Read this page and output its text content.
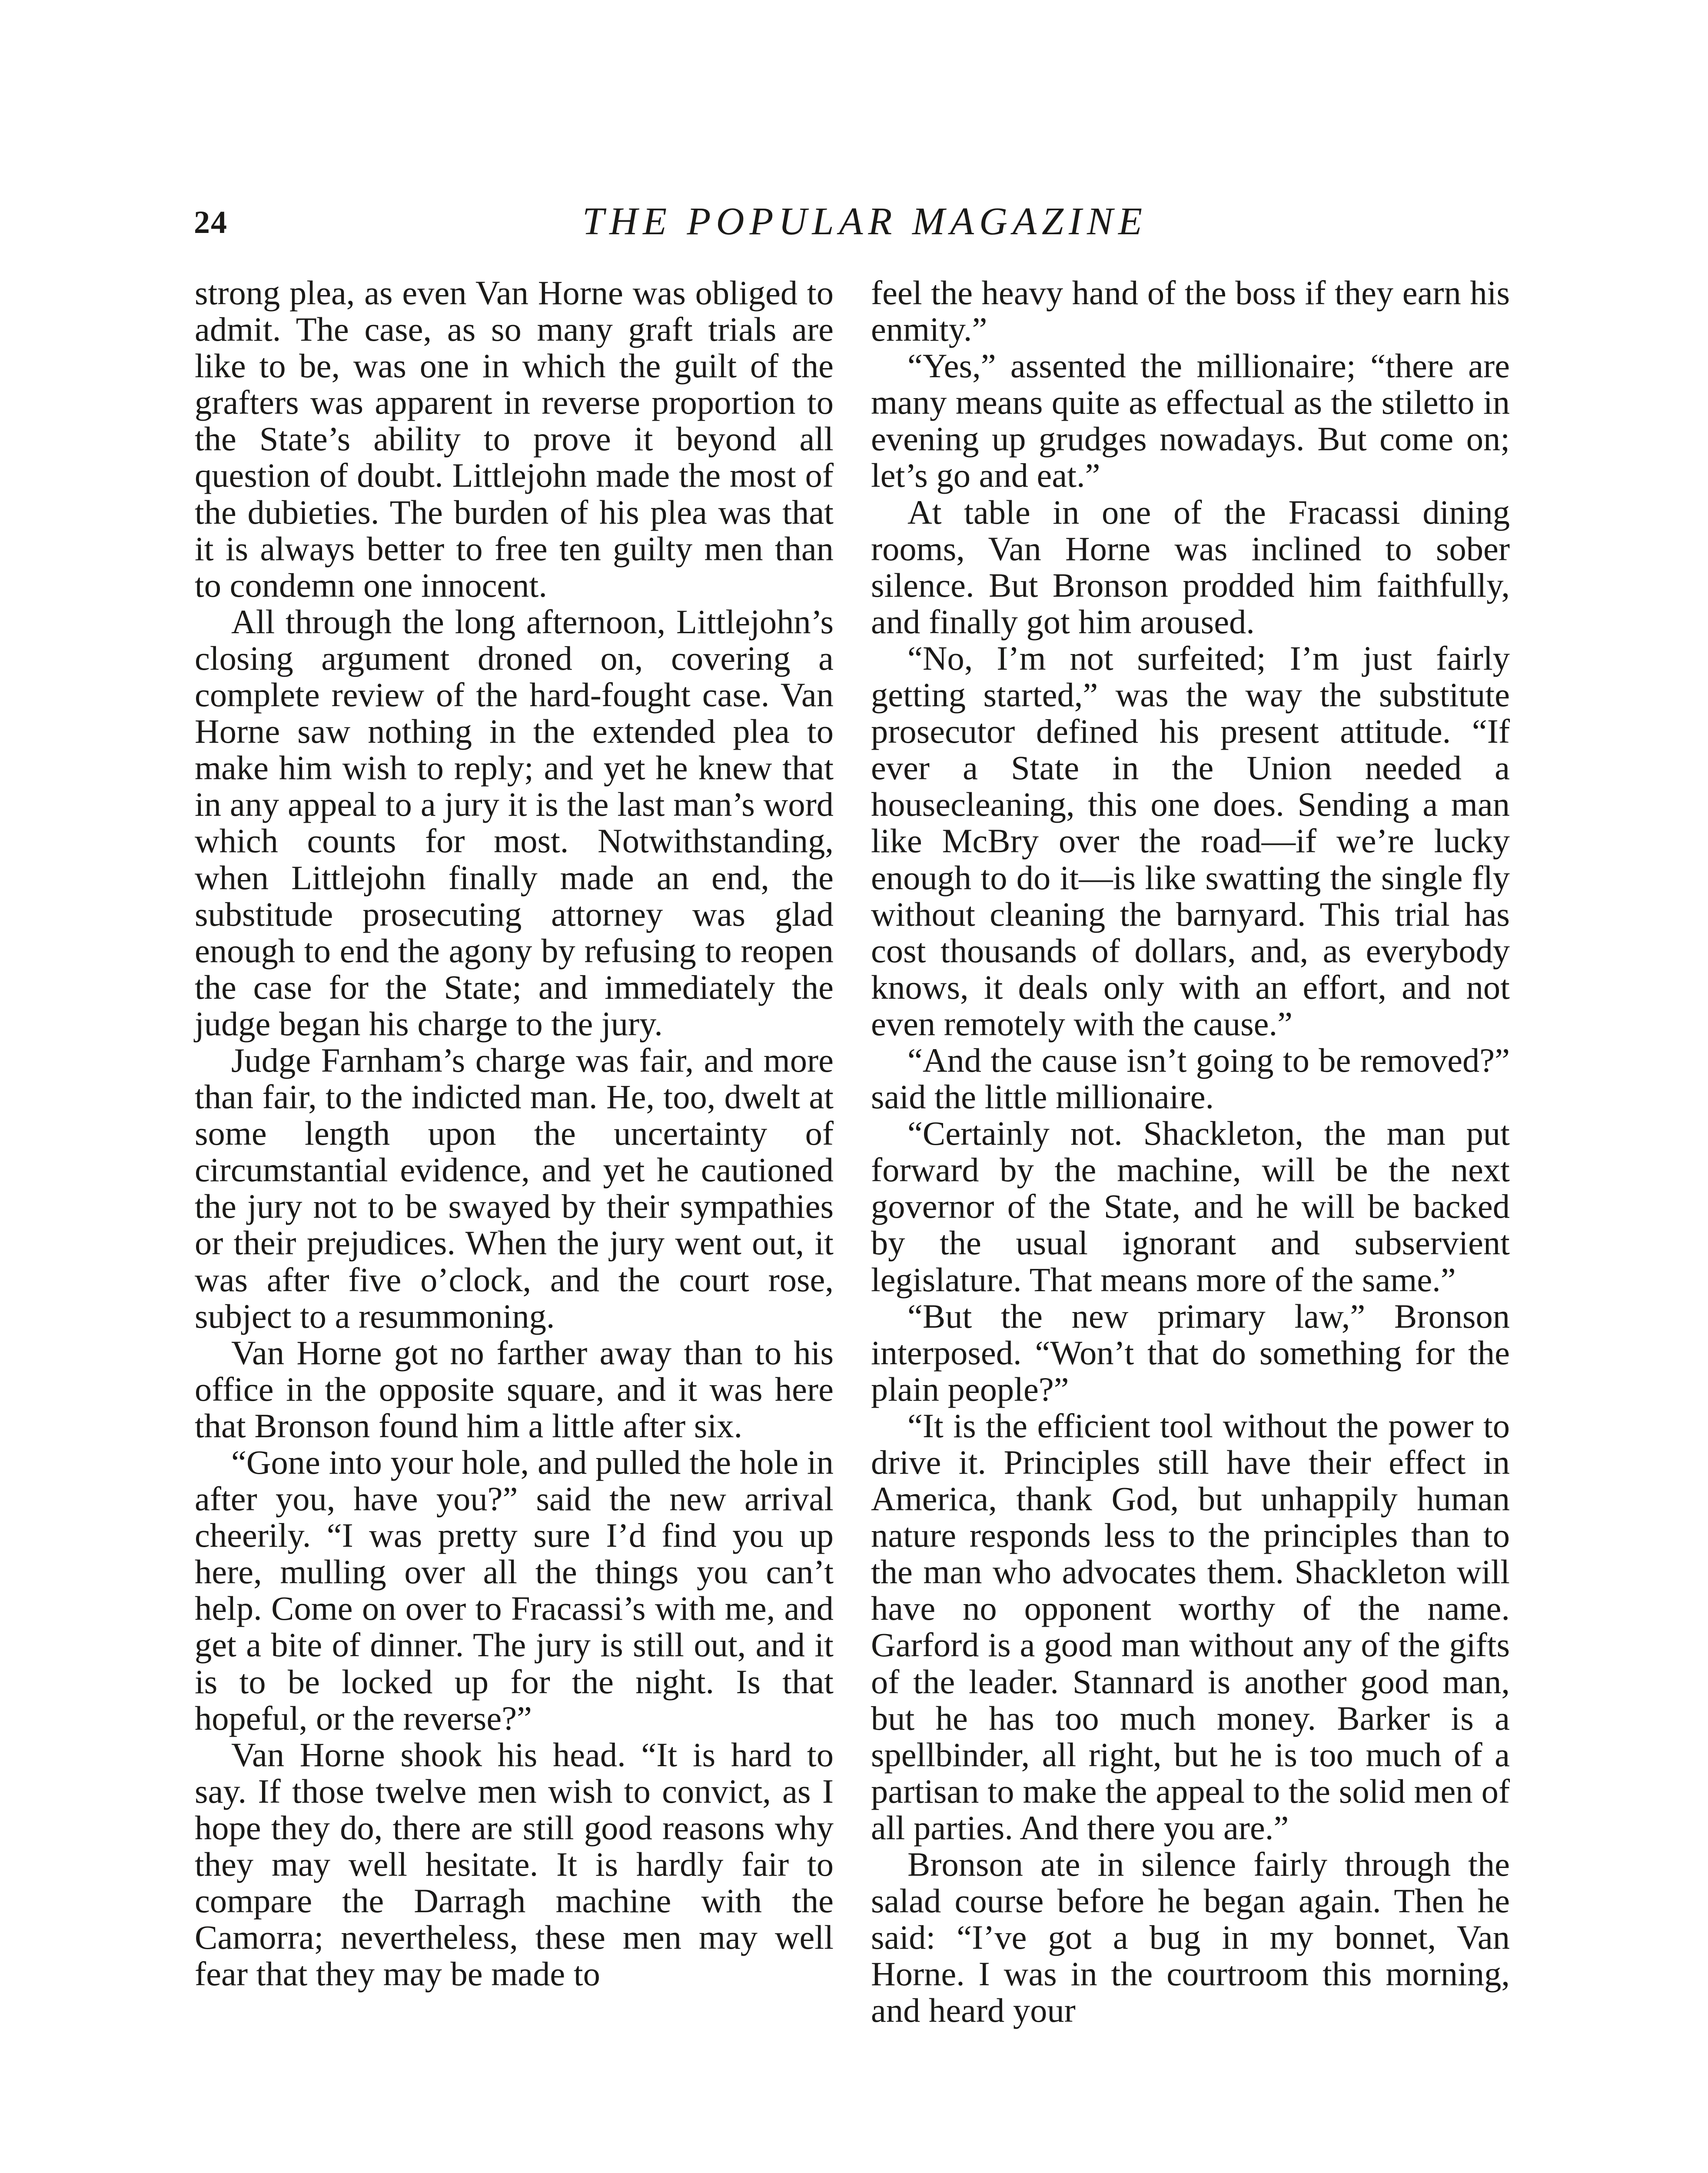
24	THE POPULAR MAGAZINE

strong plea, as even Van Horne was obliged to admit. The case, as so many graft trials are like to be, was one in which the guilt of the grafters was apparent in reverse proportion to the State’s ability to prove it beyond all question of doubt. Littlejohn made the most of the dubieties. The burden of his plea was that it is always better to free ten guilty men than to condemn one innocent.

All through the long afternoon, Littlejohn’s closing argument droned on, covering a complete review of the hard-fought case. Van Horne saw nothing in the extended plea to make him wish to reply; and yet he knew that in any appeal to a jury it is the last man’s word which counts for most. Notwithstanding, when Littlejohn finally made an end, the substitude prosecuting attorney was glad enough to end the agony by refusing to reopen the case for the State; and immediately the judge began his charge to the jury.

Judge Farnham’s charge was fair, and more than fair, to the indicted man. He, too, dwelt at some length upon the uncertainty of circumstantial evidence, and yet he cautioned the jury not to be swayed by their sympathies or their prejudices. When the jury went out, it was after five o’clock, and the court rose, subject to a resummoning.

Van Horne got no farther away than to his office in the opposite square, and it was here that Bronson found him a little after six.

“Gone into your hole, and pulled the hole in after you, have you?” said the new arrival cheerily. “I was pretty sure I’d find you up here, mulling over all the things you can’t help. Come on over to Fracassi’s with me, and get a bite of dinner. The jury is still out, and it is to be locked up for the night. Is that hopeful, or the reverse?”

Van Horne shook his head. “It is hard to say. If those twelve men wish to convict, as I hope they do, there are still good reasons why they may well hesitate. It is hardly fair to compare the Darragh machine with the Camorra; nevertheless, these men may well fear that they may be made to

feel the heavy hand of the boss if they earn his enmity.”

“Yes,” assented the millionaire; “there are many means quite as effectual as the stiletto in evening up grudges nowadays. But come on; let’s go and eat.”

At table in one of the Fracassi dining rooms, Van Horne was inclined to sober silence. But Bronson prodded him faithfully, and finally got him aroused.

“No, I’m not surfeited; I’m just fairly getting started,” was the way the substitute prosecutor defined his present attitude. “If ever a State in the Union needed a housecleaning, this one does. Sending a man like McBry over the road—if we’re lucky enough to do it—is like swatting the single fly without cleaning the barnyard. This trial has cost thousands of dollars, and, as everybody knows, it deals only with an effort, and not even remotely with the cause.”

“And the cause isn’t going to be removed?” said the little millionaire.

“Certainly not. Shackleton, the man put forward by the machine, will be the next governor of the State, and he will be backed by the usual ignorant and subservient legislature. That means more of the same.”

“But the new primary law,” Bronson interposed. “Won’t that do something for the plain people?”

“It is the efficient tool without the power to drive it. Principles still have their effect in America, thank God, but unhappily human nature responds less to the principles than to the man who advocates them. Shackleton will have no opponent worthy of the name. Garford is a good man without any of the gifts of the leader. Stannard is another good man, but he has too much money. Barker is a spellbinder, all right, but he is too much of a partisan to make the appeal to the solid men of all parties. And there you are.”

Bronson ate in silence fairly through the salad course before he began again. Then he said: “I’ve got a bug in my bonnet, Van Horne. I was in the courtroom this morning, and heard your
